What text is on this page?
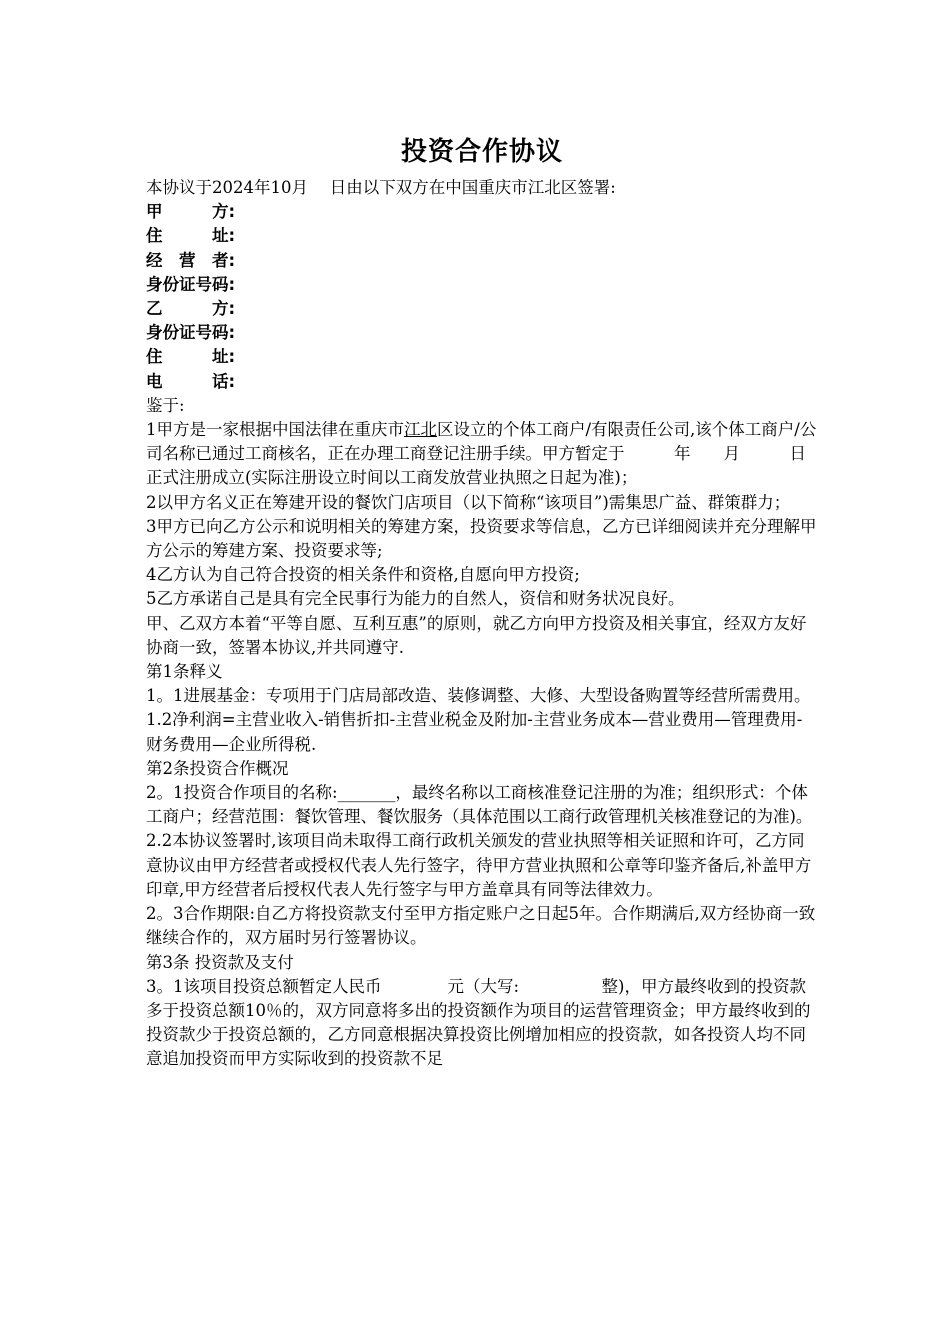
投资合作协议

本协议于2024年10月　 日由以下双方在中国重庆市江北区签署:

甲　　　方:

住　　　址:

经　营　者:

身份证号码:

乙　　　方:

身份证号码:

住　　　址:

电　　　话:

鉴于:

1甲方是一家根据中国法律在重庆市江北区设立的个体工商户/有限责任公司,该个体工商户/公司名称已通过工商核名，正在办理工商登记注册手续。甲方暂定于　　　年　　月　　　日正式注册成立(实际注册设立时间以工商发放营业执照之日起为准)；

2以甲方名义正在筹建开设的餐饮门店项目（以下简称“该项目”)需集思广益、群策群力；

3甲方已向乙方公示和说明相关的筹建方案，投资要求等信息，乙方已详细阅读并充分理解甲方公示的筹建方案、投资要求等;

4乙方认为自己符合投资的相关条件和资格,自愿向甲方投资;

5乙方承诺自己是具有完全民事行为能力的自然人，资信和财务状况良好。

甲、乙双方本着“平等自愿、互利互惠”的原则，就乙方向甲方投资及相关事宜，经双方友好协商一致，签署本协议,并共同遵守.

第1条释义

1。1进展基金：专项用于门店局部改造、装修调整、大修、大型设备购置等经营所需费用。

1.2净利润=主营业收入-销售折扣-主营业税金及附加-主营业务成本—营业费用—管理费用-财务费用—企业所得税.

第2条投资合作概况

2。1投资合作项目的名称:_______，最终名称以工商核准登记注册的为准；组织形式：个体工商户；经营范围：餐饮管理、餐饮服务（具体范围以工商行政管理机关核准登记的为准)。

2.2本协议签署时,该项目尚未取得工商行政机关颁发的营业执照等相关证照和许可，乙方同意协议由甲方经营者或授权代表人先行签字，待甲方营业执照和公章等印鉴齐备后,补盖甲方印章,甲方经营者后授权代表人先行签字与甲方盖章具有同等法律效力。

2。3合作期限:自乙方将投资款支付至甲方指定账户之日起5年。合作期满后,双方经协商一致继续合作的，双方届时另行签署协议。

第3条 投资款及支付

3。1该项目投资总额暂定人民币　　　　元（大写:　　　　　整)，甲方最终收到的投资款多于投资总额10％的，双方同意将多出的投资额作为项目的运营管理资金；甲方最终收到的投资款少于投资总额的，乙方同意根据决算投资比例增加相应的投资款，如各投资人均不同意追加投资而甲方实际收到的投资款不足
